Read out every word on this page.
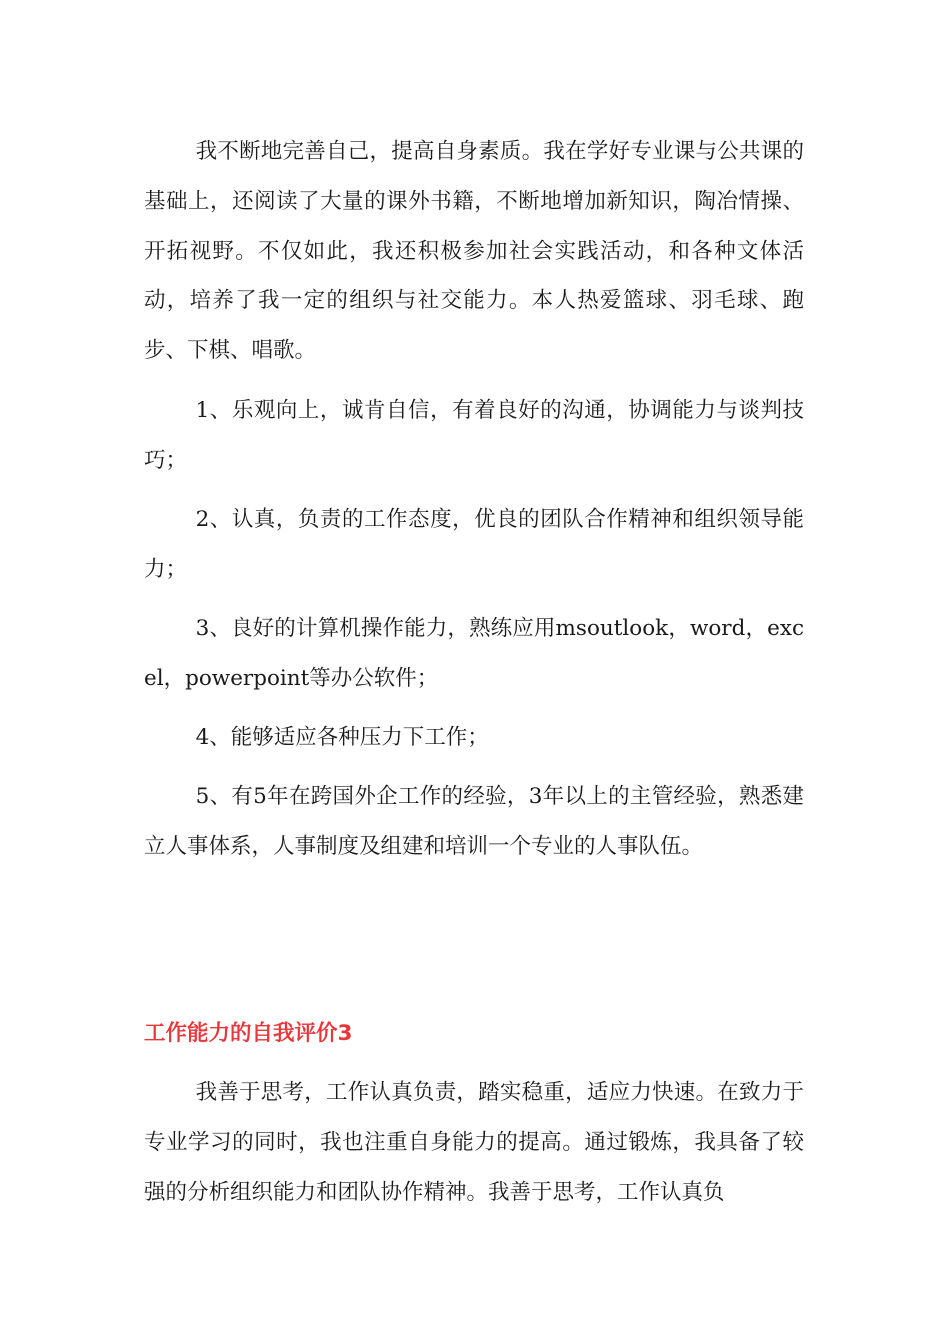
我不断地完善自己，提高自身素质。我在学好专业课与公共课的基础上，还阅读了大量的课外书籍，不断地增加新知识，陶冶情操、开拓视野。不仅如此，我还积极参加社会实践活动，和各种文体活动，培养了我一定的组织与社交能力。本人热爱篮球、羽毛球、跑步、下棋、唱歌。

1、乐观向上，诚肯自信，有着良好的沟通，协调能力与谈判技巧；

2、认真，负责的工作态度，优良的团队合作精神和组织领导能力；

3、良好的计算机操作能力，熟练应用msoutlook，word，excel，powerpoint等办公软件；

4、能够适应各种压力下工作；

5、有5年在跨国外企工作的经验，3年以上的主管经验，熟悉建立人事体系，人事制度及组建和培训一个专业的人事队伍。

工作能力的自我评价3

我善于思考，工作认真负责，踏实稳重，适应力快速。在致力于专业学习的同时，我也注重自身能力的提高。通过锻炼，我具备了较强的分析组织能力和团队协作精神。我善于思考，工作认真负
